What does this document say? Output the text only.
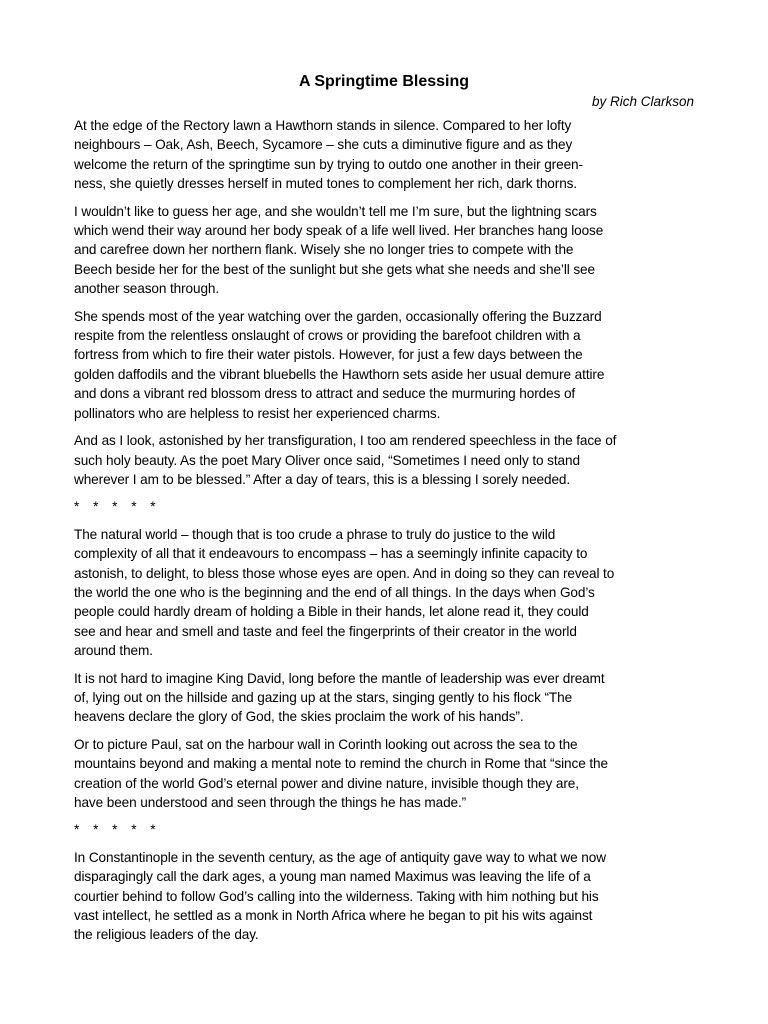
A Springtime Blessing

by Rich Clarkson

At the edge of the Rectory lawn a Hawthorn stands in silence. Compared to her lofty
neighbours – Oak, Ash, Beech, Sycamore – she cuts a diminutive figure and as they
welcome the return of the springtime sun by trying to outdo one another in their green-
ness, she quietly dresses herself in muted tones to complement her rich, dark thorns.

I wouldn’t like to guess her age, and she wouldn’t tell me I’m sure, but the lightning scars
which wend their way around her body speak of a life well lived. Her branches hang loose
and carefree down her northern flank. Wisely she no longer tries to compete with the
Beech beside her for the best of the sunlight but she gets what she needs and she’ll see
another season through.

She spends most of the year watching over the garden, occasionally offering the Buzzard
respite from the relentless onslaught of crows or providing the barefoot children with a
fortress from which to fire their water pistols. However, for just a few days between the
golden daffodils and the vibrant bluebells the Hawthorn sets aside her usual demure attire
and dons a vibrant red blossom dress to attract and seduce the murmuring hordes of
pollinators who are helpless to resist her experienced charms.

And as I look, astonished by her transfiguration, I too am rendered speechless in the face of
such holy beauty. As the poet Mary Oliver once said, “Sometimes I need only to stand
wherever I am to be blessed.” After a day of tears, this is a blessing I sorely needed.

* * * * *

The natural world – though that is too crude a phrase to truly do justice to the wild
complexity of all that it endeavours to encompass – has a seemingly infinite capacity to
astonish, to delight, to bless those whose eyes are open. And in doing so they can reveal to
the world the one who is the beginning and the end of all things. In the days when God’s
people could hardly dream of holding a Bible in their hands, let alone read it, they could
see and hear and smell and taste and feel the fingerprints of their creator in the world
around them.

It is not hard to imagine King David, long before the mantle of leadership was ever dreamt
of, lying out on the hillside and gazing up at the stars, singing gently to his flock “The
heavens declare the glory of God, the skies proclaim the work of his hands”.

Or to picture Paul, sat on the harbour wall in Corinth looking out across the sea to the
mountains beyond and making a mental note to remind the church in Rome that “since the
creation of the world God’s eternal power and divine nature, invisible though they are,
have been understood and seen through the things he has made.”

* * * * *

In Constantinople in the seventh century, as the age of antiquity gave way to what we now
disparagingly call the dark ages, a young man named Maximus was leaving the life of a
courtier behind to follow God’s calling into the wilderness. Taking with him nothing but his
vast intellect, he settled as a monk in North Africa where he began to pit his wits against
the religious leaders of the day.
